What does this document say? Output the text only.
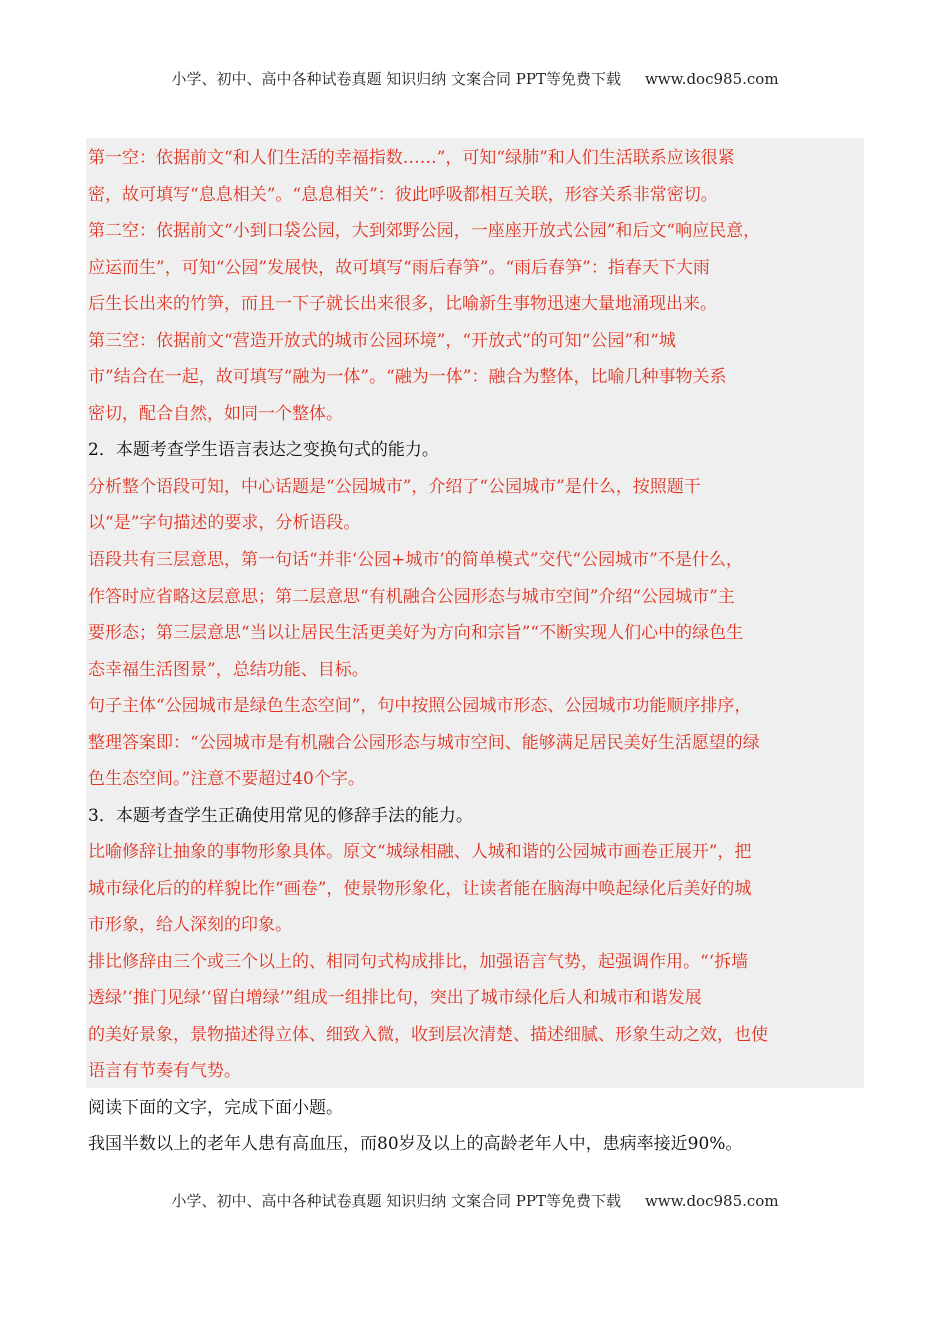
小学、初中、高中各种试卷真题 知识归纳 文案合同 PPT等免费下载 www.doc985.com
第一空：依据前文“和人们生活的幸福指数……”，可知“绿肺”和人们生活联系应该很紧
密，故可填写“息息相关”。“息息相关”：彼此呼吸都相互关联，形容关系非常密切。
第二空：依据前文“小到口袋公园，大到郊野公园，一座座开放式公园”和后文“响应民意，
应运而生”，可知“公园”发展快，故可填写“雨后春笋”。“雨后春笋”：指春天下大雨
后生长出来的竹笋，而且一下子就长出来很多，比喻新生事物迅速大量地涌现出来。
第三空：依据前文“营造开放式的城市公园环境”，“开放式”的可知“公园”和“城
市”结合在一起，故可填写“融为一体”。“融为一体”：融合为整体，比喻几种事物关系
密切，配合自然，如同一个整体。
2．本题考查学生语言表达之变换句式的能力。
分析整个语段可知，中心话题是“公园城市”，介绍了“公园城市”是什么，按照题干
以“是”字句描述的要求，分析语段。
语段共有三层意思，第一句话“并非‘公园+城市’的简单模式”交代“公园城市”不是什么，
作答时应省略这层意思；第二层意思“有机融合公园形态与城市空间”介绍“公园城市”主
要形态；第三层意思“当以让居民生活更美好为方向和宗旨”“不断实现人们心中的绿色生
态幸福生活图景”，总结功能、目标。
句子主体“公园城市是绿色生态空间”，句中按照公园城市形态、公园城市功能顺序排序，
整理答案即：“公园城市是有机融合公园形态与城市空间、能够满足居民美好生活愿望的绿
色生态空间。”注意不要超过40个字。
3．本题考查学生正确使用常见的修辞手法的能力。
比喻修辞让抽象的事物形象具体。原文“城绿相融、人城和谐的公园城市画卷正展开”，把
城市绿化后的的样貌比作“画卷”，使景物形象化，让读者能在脑海中唤起绿化后美好的城
市形象，给人深刻的印象。
排比修辞由三个或三个以上的、相同句式构成排比，加强语言气势，起强调作用。“‘拆墙
透绿’‘推门见绿’‘留白增绿’”组成一组排比句，突出了城市绿化后人和城市和谐发展
的美好景象，景物描述得立体、细致入微，收到层次清楚、描述细腻、形象生动之效，也使
语言有节奏有气势。
阅读下面的文字，完成下面小题。
我国半数以上的老年人患有高血压，而80岁及以上的高龄老年人中，患病率接近90%。
小学、初中、高中各种试卷真题 知识归纳 文案合同 PPT等免费下载 www.doc985.com
